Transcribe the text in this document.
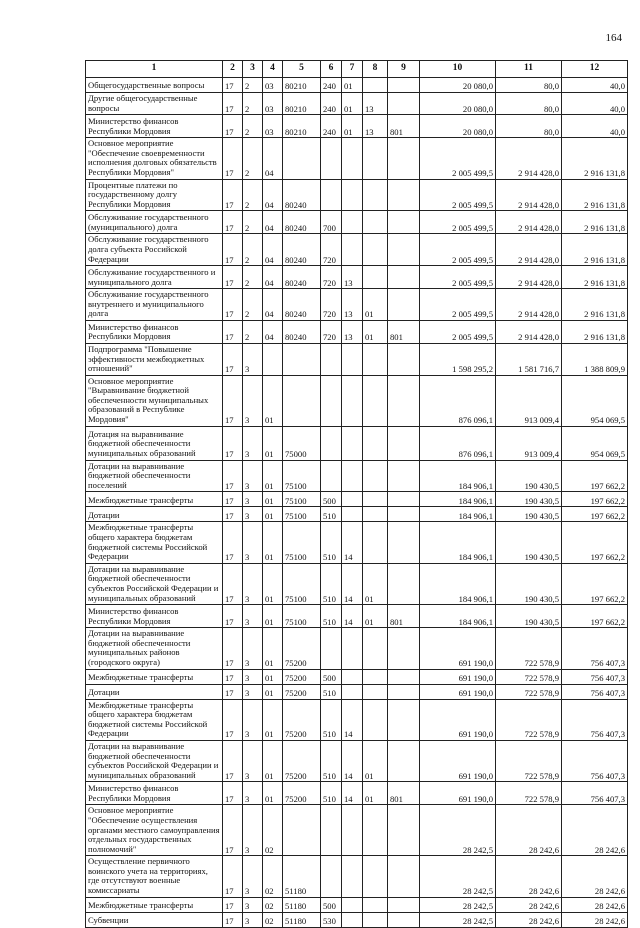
164
1	2	3	4	5	6	7	8	9	10	11	12
Общегосударственные вопросы	17	2	03	80210	240	01			20 080,0	80,0	40,0
Другие общегосударственные вопросы	17	2	03	80210	240	01	13		20 080,0	80,0	40,0
Министерство финансов Республики Мордовия	17	2	03	80210	240	01	13	801	20 080,0	80,0	40,0
Основное мероприятие "Обеспечение своевременности исполнения долговых обязательств Республики Мордовия"	17	2	04						2 005 499,5	2 914 428,0	2 916 131,8
Процентные платежи по государственному долгу Республики Мордовия	17	2	04	80240					2 005 499,5	2 914 428,0	2 916 131,8
Обслуживание государственного (муниципального) долга	17	2	04	80240	700				2 005 499,5	2 914 428,0	2 916 131,8
Обслуживание государственного долга субъекта Российской Федерации	17	2	04	80240	720				2 005 499,5	2 914 428,0	2 916 131,8
Обслуживание государственного и муниципального долга	17	2	04	80240	720	13			2 005 499,5	2 914 428,0	2 916 131,8
Обслуживание государственного внутреннего и муниципального долга	17	2	04	80240	720	13	01		2 005 499,5	2 914 428,0	2 916 131,8
Министерство финансов Республики Мордовия	17	2	04	80240	720	13	01	801	2 005 499,5	2 914 428,0	2 916 131,8
Подпрограмма "Повышение эффективности межбюджетных отношений"	17	3							1 598 295,2	1 581 716,7	1 388 809,9
Основное мероприятие "Выравнивание бюджетной обеспеченности муниципальных образований в Республике Мордовия"	17	3	01						876 096,1	913 009,4	954 069,5
Дотация на выравнивание бюджетной обеспеченности муниципальных образований	17	3	01	75000					876 096,1	913 009,4	954 069,5
Дотации на выравнивание бюджетной обеспеченности поселений	17	3	01	75100					184 906,1	190 430,5	197 662,2
Межбюджетные трансферты	17	3	01	75100	500				184 906,1	190 430,5	197 662,2
Дотации	17	3	01	75100	510				184 906,1	190 430,5	197 662,2
Межбюджетные трансферты общего характера бюджетам бюджетной системы Российской Федерации	17	3	01	75100	510	14			184 906,1	190 430,5	197 662,2
Дотации на выравнивание бюджетной обеспеченности субъектов Российской Федерации и муниципальных образований	17	3	01	75100	510	14	01		184 906,1	190 430,5	197 662,2
Министерство финансов Республики Мордовия	17	3	01	75100	510	14	01	801	184 906,1	190 430,5	197 662,2
Дотации на выравнивание бюджетной обеспеченности муниципальных районов (городского округа)	17	3	01	75200					691 190,0	722 578,9	756 407,3
Межбюджетные трансферты	17	3	01	75200	500				691 190,0	722 578,9	756 407,3
Дотации	17	3	01	75200	510				691 190,0	722 578,9	756 407,3
Межбюджетные трансферты общего характера бюджетам бюджетной системы Российской Федерации	17	3	01	75200	510	14			691 190,0	722 578,9	756 407,3
Дотации на выравнивание бюджетной обеспеченности субъектов Российской Федерации и муниципальных образований	17	3	01	75200	510	14	01		691 190,0	722 578,9	756 407,3
Министерство финансов Республики Мордовия	17	3	01	75200	510	14	01	801	691 190,0	722 578,9	756 407,3
Основное мероприятие "Обеспечение осуществления органами местного самоуправления отдельных государственных полномочий"	17	3	02						28 242,5	28 242,6	28 242,6
Осуществление первичного воинского учета на территориях, где отсутствуют военные комиссариаты	17	3	02	51180					28 242,5	28 242,6	28 242,6
Межбюджетные трансферты	17	3	02	51180	500				28 242,5	28 242,6	28 242,6
Субвенции	17	3	02	51180	530				28 242,5	28 242,6	28 242,6
